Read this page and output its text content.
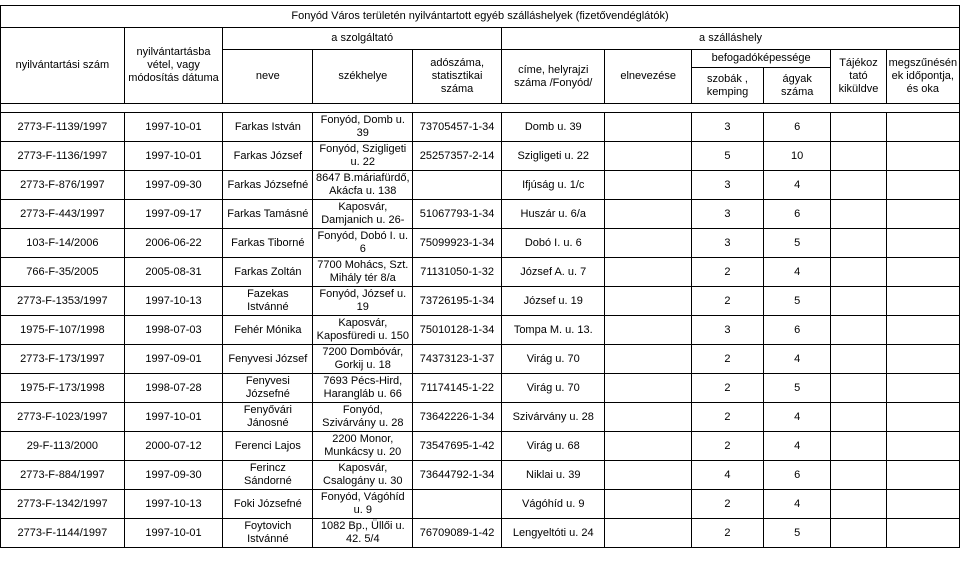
Fonyód Város területén nyilvántartott egyéb szálláshelyek (fizetővendéglátók)										
nyilvántartási szám	nyilvántartásba vétel, vagy módosítás dátuma	a szolgáltató			a szálláshely					
		neve	székhelye	adószáma, statisztikai száma	címe, helyrajzi száma /Fonyód/	elnevezése	befogadóképessége		Tájékoz tató kiküldve	megszűnésén ek időpontja, és oka
							szobák , kemping	ágyak száma		

2773-F-1139/1997	1997-10-01	Farkas István	Fonyód, Domb u. 39	73705457-1-34	Domb u. 39		3	6		
2773-F-1136/1997	1997-10-01	Farkas József	Fonyód, Szigligeti u. 22	25257357-2-14	Szigligeti u. 22		5	10		
2773-F-876/1997	1997-09-30	Farkas Józsefné	8647 B.máriafürdő, Akácfa u. 138		Ifjúság u. 1/c		3	4		
2773-F-443/1997	1997-09-17	Farkas Tamásné	Kaposvár, Damjanich u. 26-	51067793-1-34	Huszár u. 6/a		3	6		
103-F-14/2006	2006-06-22	Farkas Tiborné	Fonyód, Dobó I. u. 6	75099923-1-34	Dobó I. u. 6		3	5		
766-F-35/2005	2005-08-31	Farkas Zoltán	7700 Mohács, Szt. Mihály tér 8/a	71131050-1-32	József A. u. 7		2	4		
2773-F-1353/1997	1997-10-13	Fazekas Istvánné	Fonyód, József u. 19	73726195-1-34	József u. 19		2	5		
1975-F-107/1998	1998-07-03	Fehér Mónika	Kaposvár, Kaposfüredi u. 150	75010128-1-34	Tompa M. u. 13.		3	6		
2773-F-173/1997	1997-09-01	Fenyvesi József	7200 Dombóvár, Gorkij u. 18	74373123-1-37	Virág u. 70		2	4		
1975-F-173/1998	1998-07-28	Fenyvesi Józsefné	7693 Pécs-Hird, Harangláb u. 66	71174145-1-22	Virág u. 70		2	5		
2773-F-1023/1997	1997-10-01	Fenyővári Jánosné	Fonyód, Szivárvány u. 28	73642226-1-34	Szivárvány u. 28		2	4		
29-F-113/2000	2000-07-12	Ferenci Lajos	2200 Monor, Munkácsy u. 20	73547695-1-42	Virág u. 68		2	4		
2773-F-884/1997	1997-09-30	Ferincz Sándorné	Kaposvár, Csalogány u. 30	73644792-1-34	Niklai u. 39		4	6		
2773-F-1342/1997	1997-10-13	Foki Józsefné	Fonyód, Vágóhíd u. 9		Vágóhíd u. 9		2	4		
2773-F-1144/1997	1997-10-01	Foytovich Istvánné	1082 Bp., Üllői u. 42. 5/4	76709089-1-42	Lengyeltóti u. 24		2	5		
